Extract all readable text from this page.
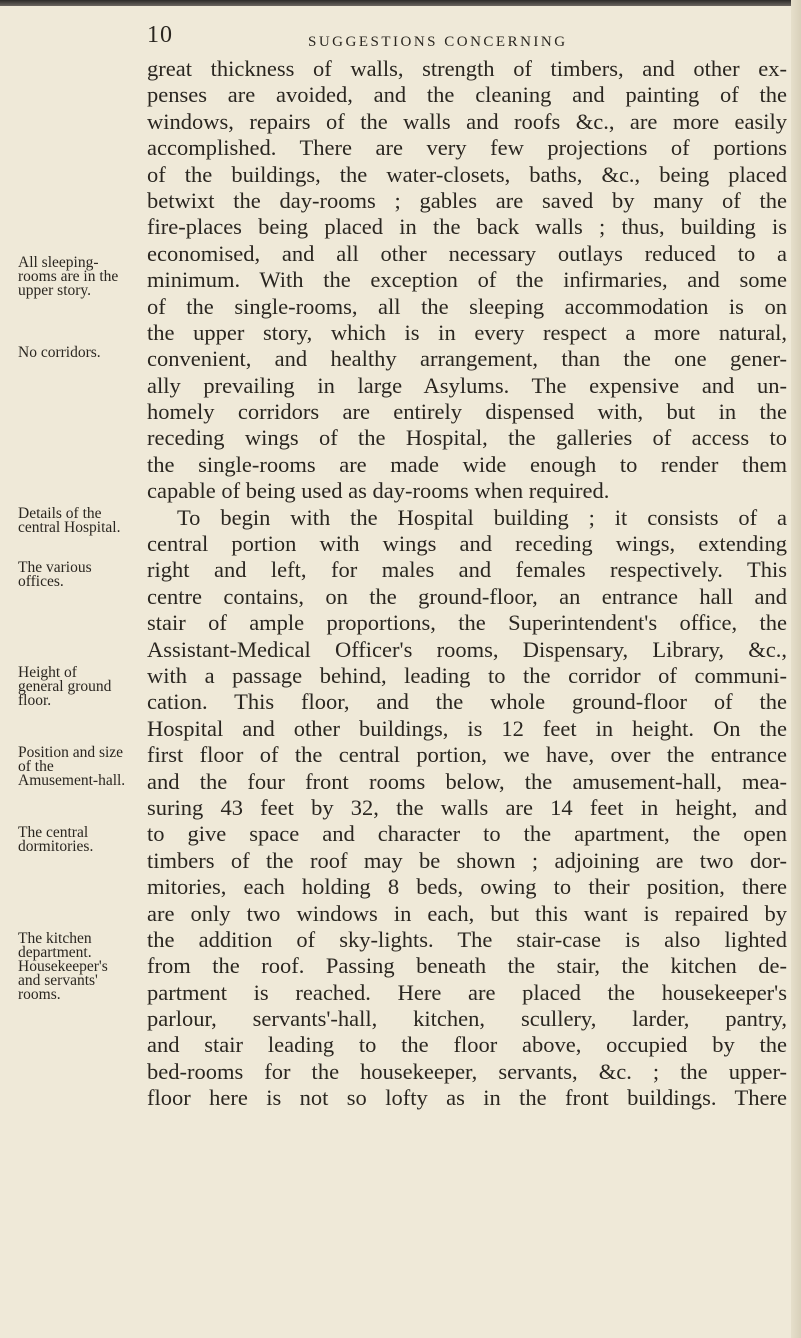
10	SUGGESTIONS CONCERNING
All sleeping-rooms are in the upper story.
No corridors.
Details of the central Hospital.
The various offices.
Height of general ground floor.
Position and size of the Amusement-hall.
The central dormitories.
The kitchen department. Housekeeper's and servants' rooms.
great thickness of walls, strength of timbers, and other ex-
penses are avoided, and the cleaning and painting of the
windows, repairs of the walls and roofs &c., are more easily
accomplished. There are very few projections of portions
of the buildings, the water-closets, baths, &c., being placed
betwixt the day-rooms ; gables are saved by many of the
fire-places being placed in the back walls ; thus, building is
economised, and all other necessary outlays reduced to a
minimum. With the exception of the infirmaries, and some
of the single-rooms, all the sleeping accommodation is on
the upper story, which is in every respect a more natural,
convenient, and healthy arrangement, than the one gener-
ally prevailing in large Asylums. The expensive and un-
homely corridors are entirely dispensed with, but in the
receding wings of the Hospital, the galleries of access to
the single-rooms are made wide enough to render them
capable of being used as day-rooms when required.
To begin with the Hospital building ; it consists of a
central portion with wings and receding wings, extending
right and left, for males and females respectively. This
centre contains, on the ground-floor, an entrance hall and
stair of ample proportions, the Superintendent's office, the
Assistant-Medical Officer's rooms, Dispensary, Library, &c.,
with a passage behind, leading to the corridor of communi-
cation. This floor, and the whole ground-floor of the
Hospital and other buildings, is 12 feet in height. On the
first floor of the central portion, we have, over the entrance
and the four front rooms below, the amusement-hall, mea-
suring 43 feet by 32, the walls are 14 feet in height, and
to give space and character to the apartment, the open
timbers of the roof may be shown ; adjoining are two dor-
mitories, each holding 8 beds, owing to their position, there
are only two windows in each, but this want is repaired by
the addition of sky-lights. The stair-case is also lighted
from the roof. Passing beneath the stair, the kitchen de-
partment is reached. Here are placed the housekeeper's
parlour, servants'-hall, kitchen, scullery, larder, pantry,
and stair leading to the floor above, occupied by the
bed-rooms for the housekeeper, servants, &c. ; the upper-
floor here is not so lofty as in the front buildings. There
